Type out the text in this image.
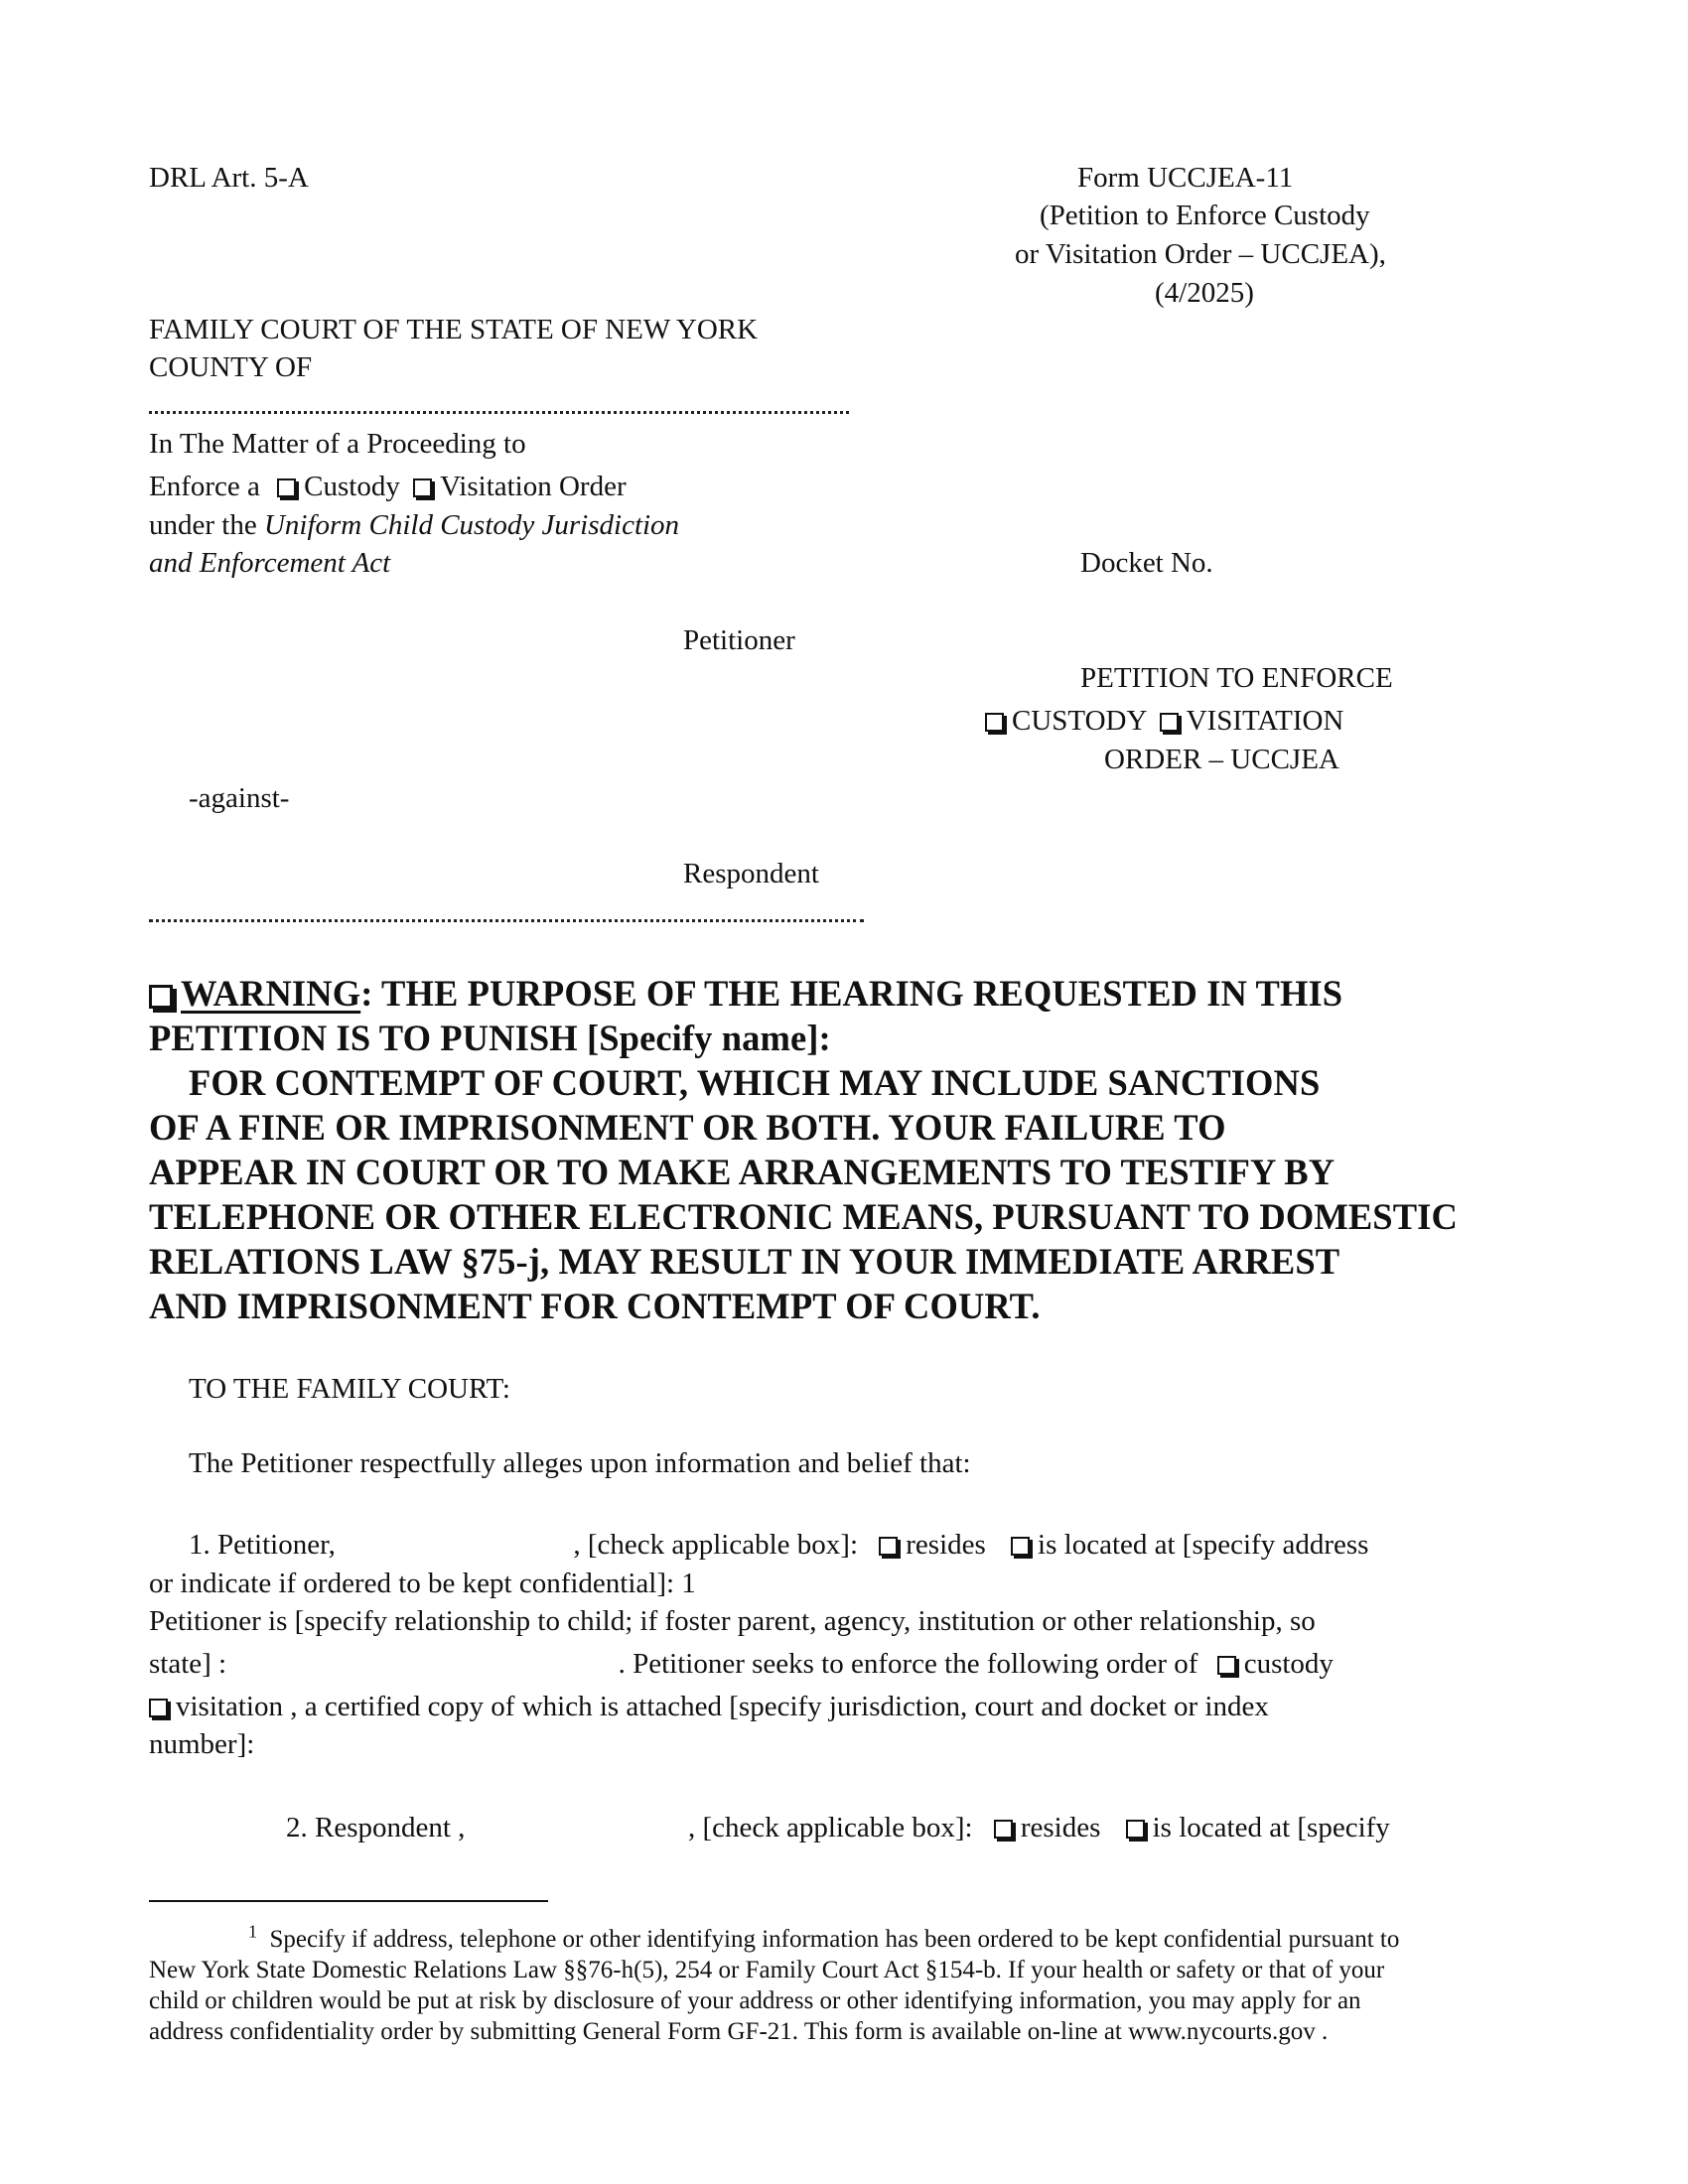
DRL Art. 5-A	Form UCCJEA-11
(Petition to Enforce Custody
or Visitation Order – UCCJEA),
(4/2025)
FAMILY COURT OF THE STATE OF NEW YORK
COUNTY OF
In The Matter of a Proceeding to
Enforce a Custody Visitation Order
under the Uniform Child Custody Jurisdiction
and Enforcement Act	Docket No.
Petitioner
PETITION TO ENFORCE
CUSTODY VISITATION
ORDER – UCCJEA
-against-
Respondent
WARNING: THE PURPOSE OF THE HEARING REQUESTED IN THIS
PETITION IS TO PUNISH [Specify name]:
FOR CONTEMPT OF COURT, WHICH MAY INCLUDE SANCTIONS
OF A FINE OR IMPRISONMENT OR BOTH. YOUR FAILURE TO
APPEAR IN COURT OR TO MAKE ARRANGEMENTS TO TESTIFY BY
TELEPHONE OR OTHER ELECTRONIC MEANS, PURSUANT TO DOMESTIC
RELATIONS LAW §75-j, MAY RESULT IN YOUR IMMEDIATE ARREST
AND IMPRISONMENT FOR CONTEMPT OF COURT.
TO THE FAMILY COURT:
The Petitioner respectfully alleges upon information and belief that:
1. Petitioner,	, [check applicable box]: resides is located at [specify address
or indicate if ordered to be kept confidential]: 1
Petitioner is [specify relationship to child; if foster parent, agency, institution or other relationship, so
state] :	. Petitioner seeks to enforce the following order of custody
visitation , a certified copy of which is attached [specify jurisdiction, court and docket or index
number]:
2. Respondent ,	, [check applicable box]: resides is located at [specify
$^1$ Specify if address, telephone or other identifying information has been ordered to be kept confidential pursuant to
New York State Domestic Relations Law §§76-h(5), 254 or Family Court Act §154-b. If your health or safety or that of your
child or children would be put at risk by disclosure of your address or other identifying information, you may apply for an
address confidentiality order by submitting General Form GF-21. This form is available on-line at www.nycourts.gov .
